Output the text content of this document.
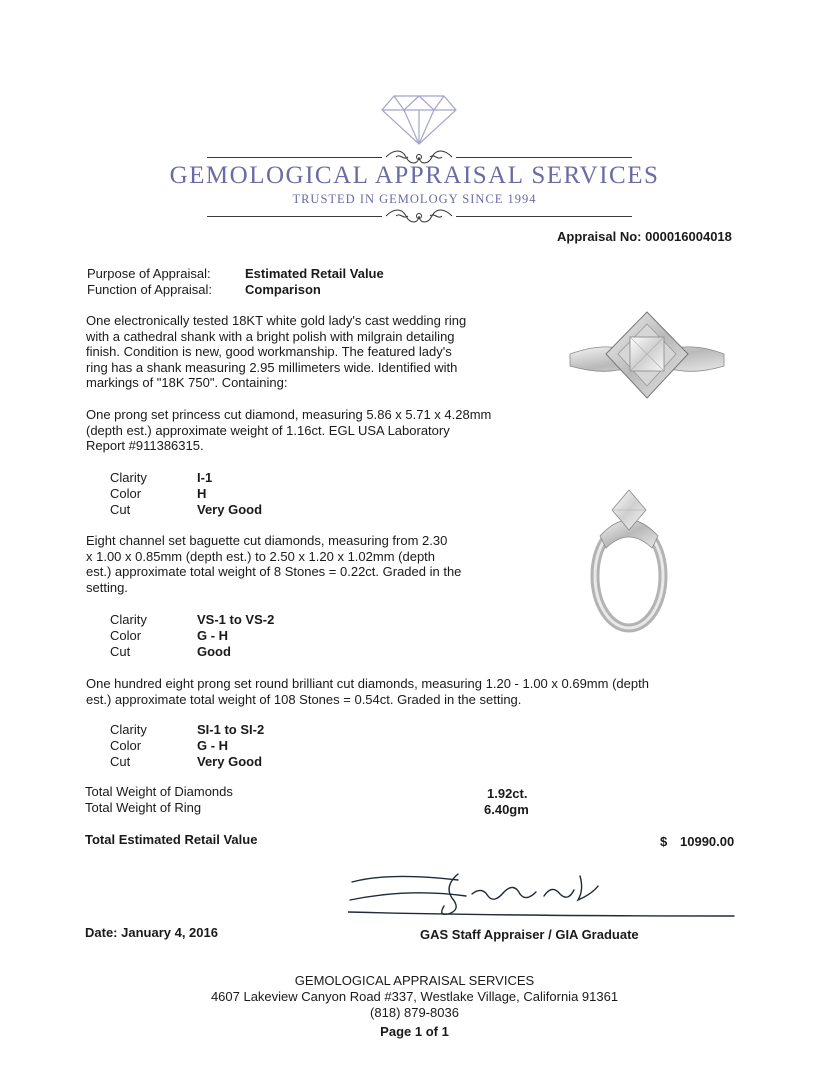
GEMOLOGICAL APPRAISAL SERVICES
TRUSTED IN GEMOLOGY SINCE 1994
Appraisal No: 000016004018
Purpose of Appraisal:	Estimated Retail Value
Function of Appraisal:	Comparison
One electronically tested 18KT white gold lady's cast wedding ring
with a cathedral shank with a bright polish with milgrain detailing
finish. Condition is new, good workmanship. The featured lady's
ring has a shank measuring 2.95 millimeters wide. Identified with
markings of "18K 750". Containing:
One prong set princess cut diamond, measuring 5.86 x 5.71 x 4.28mm
(depth est.) approximate weight of 1.16ct. EGL USA Laboratory
Report #911386315.
Clarity	I-1
Color	H
Cut	Very Good
Eight channel set baguette cut diamonds, measuring from 2.30
x 1.00 x 0.85mm (depth est.) to 2.50 x 1.20 x 1.02mm (depth
est.) approximate total weight of 8 Stones = 0.22ct. Graded in the
setting.
Clarity	VS-1 to VS-2
Color	G - H
Cut	Good
One hundred eight prong set round brilliant cut diamonds, measuring 1.20 - 1.00 x 0.69mm (depth
est.) approximate total weight of 108 Stones = 0.54ct. Graded in the setting.
Clarity	SI-1 to SI-2
Color	G - H
Cut	Very Good
Total Weight of Diamonds	1.92ct.
Total Weight of Ring	6.40gm
Total Estimated Retail Value	$ 10990.00
Date: January 4, 2016	GAS Staff Appraiser / GIA Graduate
GEMOLOGICAL APPRAISAL SERVICES
4607 Lakeview Canyon Road #337, Westlake Village, California 91361
(818) 879-8036
Page 1 of 1
